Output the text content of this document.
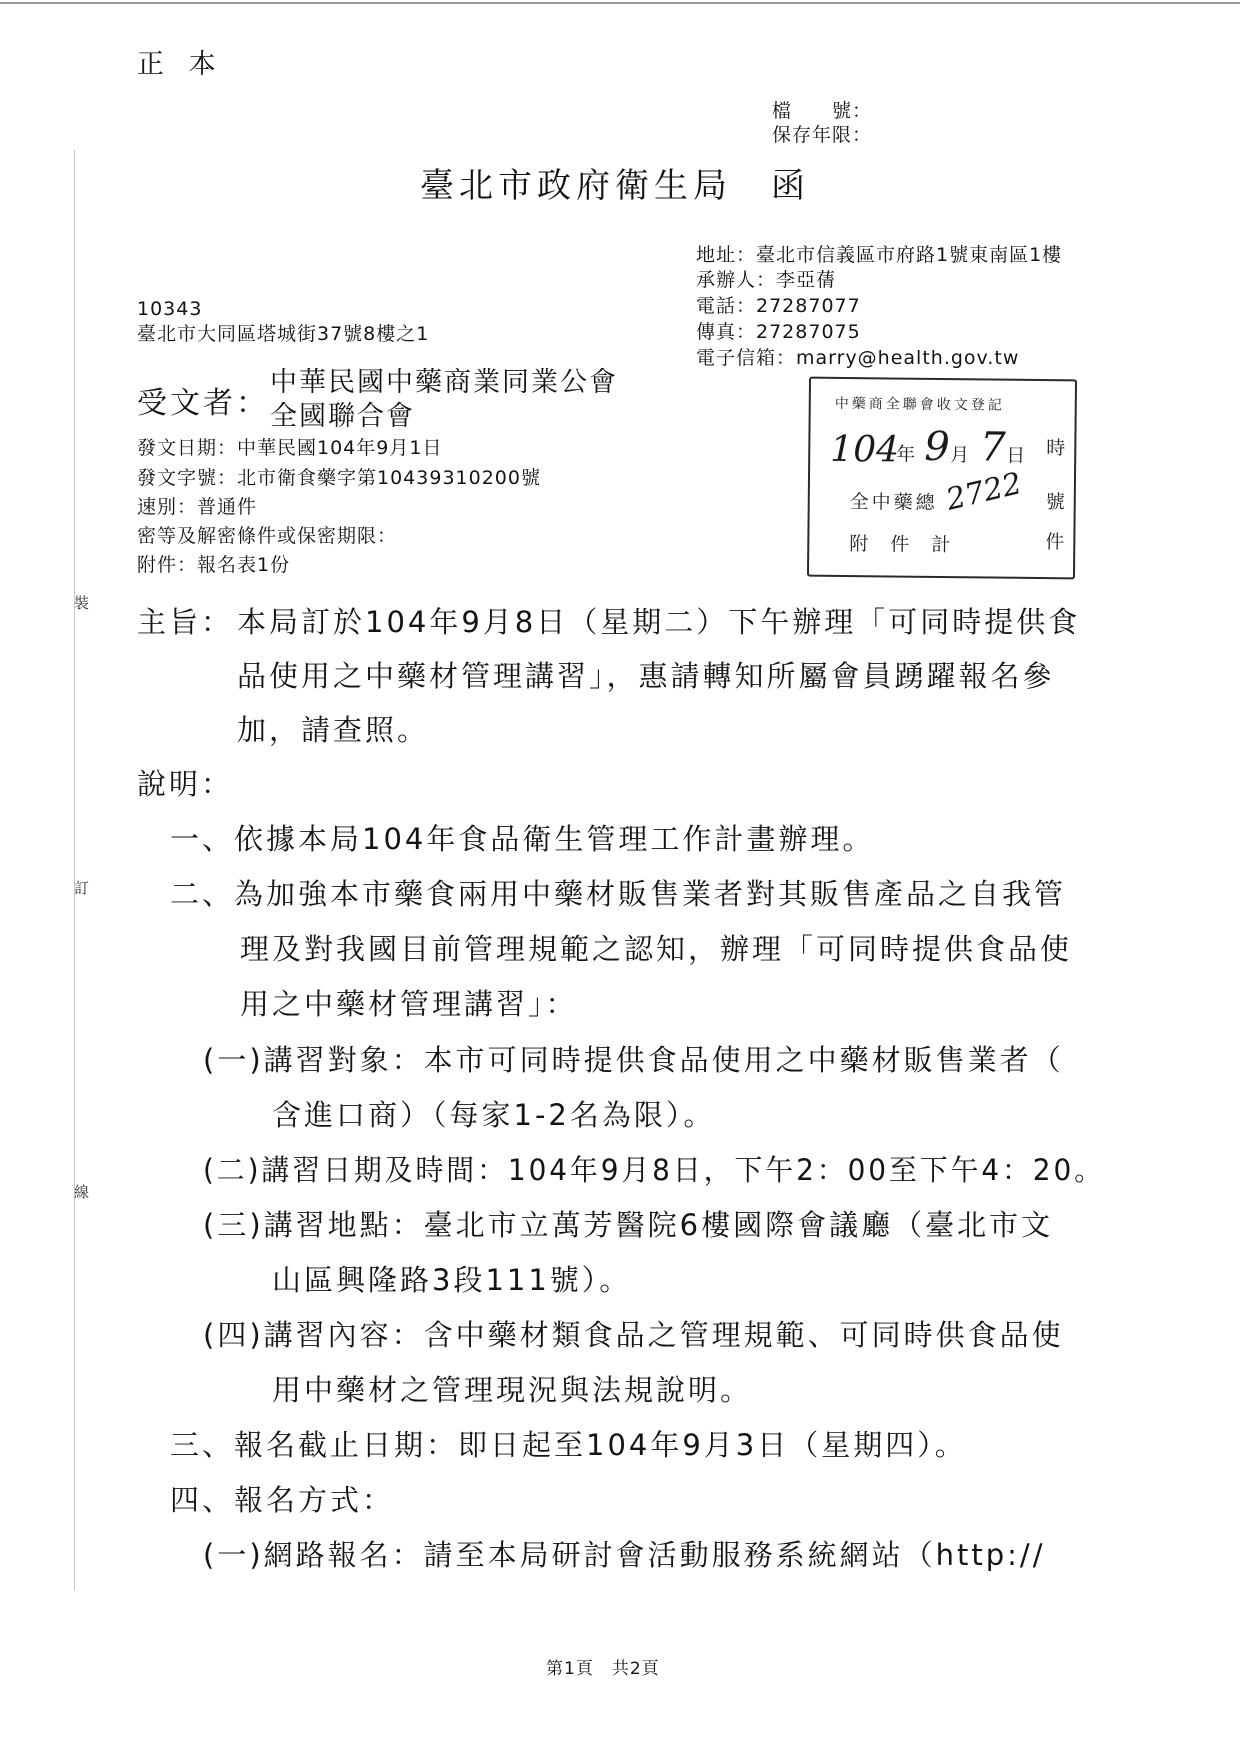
裝
訂
線
正 本
檔　　號：
保存年限：
臺北市政府衛生局　函
地址：臺北市信義區市府路1號東南區1樓
承辦人：李亞蒨
電話：27287077
傳真：27287075
電子信箱：marry@health.gov.tw
10343
臺北市大同區塔城街37號8樓之1
受文者：
中華民國中藥商業同業公會
全國聯合會
發文日期：中華民國104年9月1日
發文字號：北市衛食藥字第10439310200號
速別：普通件
密等及解密條件或保密期限：
附件：報名表1份
中藥商全聯會收文登記
104
年 9 月 7 日 時
全中藥總 2722 號
附 件 計	件
主旨： 本局訂於104年9月8日（星期二）下午辦理「可同時提供食
品使用之中藥材管理講習」，惠請轉知所屬會員踴躍報名參
加，請查照。
說明：
一、依據本局104年食品衛生管理工作計畫辦理。
二、為加強本市藥食兩用中藥材販售業者對其販售產品之自我管
理及對我國目前管理規範之認知，辦理「可同時提供食品使
用之中藥材管理講習」：
(一)講習對象：本市可同時提供食品使用之中藥材販售業者（
含進口商）（每家1-2名為限）。
(二)講習日期及時間：104年9月8日，下午2：00至下午4：20。
(三)講習地點：臺北市立萬芳醫院6樓國際會議廳（臺北市文
山區興隆路3段111號）。
(四)講習內容：含中藥材類食品之管理規範、可同時供食品使
用中藥材之管理現況與法規說明。
三、報名截止日期：即日起至104年9月3日（星期四）。
四、報名方式：
(一)網路報名：請至本局研討會活動服務系統網站（http://
第1頁　共2頁
